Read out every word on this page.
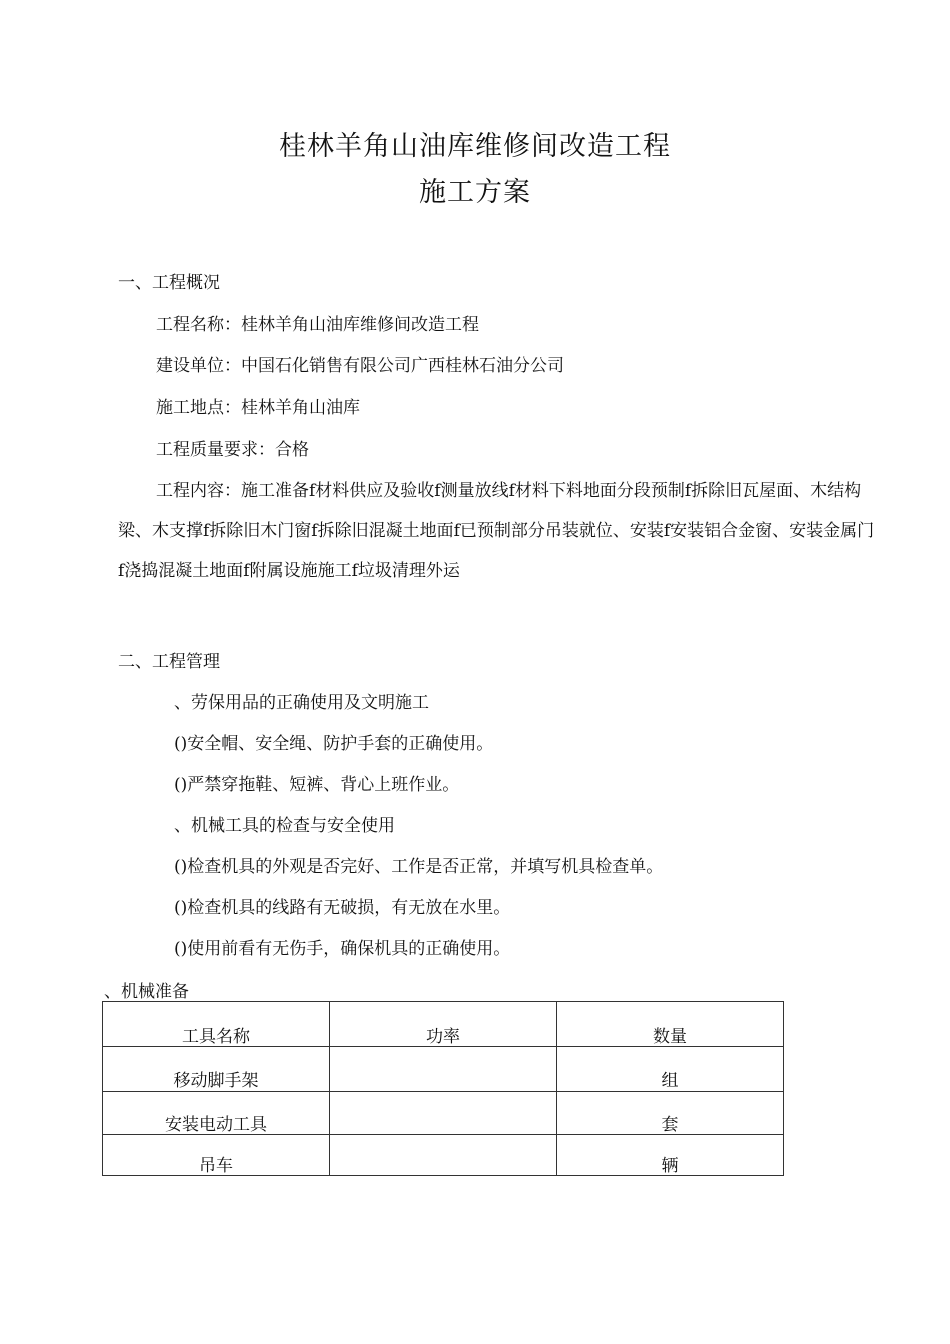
桂林羊角山油库维修间改造工程
施工方案
一、工程概况
工程名称：桂林羊角山油库维修间改造工程
建设单位：中国石化销售有限公司广西桂林石油分公司
施工地点：桂林羊角山油库
工程质量要求：合格
工程内容：施工准备f材料供应及验收f测量放线f材料下料地面分段预制f拆除旧瓦屋面、木结构梁、木支撑f拆除旧木门窗f拆除旧混凝土地面f已预制部分吊装就位、安装f安装铝合金窗、安装金属门f浇捣混凝土地面f附属设施施工f垃圾清理外运
二、工程管理
、劳保用品的正确使用及文明施工
()安全帽、安全绳、防护手套的正确使用。
()严禁穿拖鞋、短裤、背心上班作业。
、机械工具的检查与安全使用
()检查机具的外观是否完好、工作是否正常，并填写机具检查单。
()检查机具的线路有无破损，有无放在水里。
()使用前看有无伤手，确保机具的正确使用。
、机械准备
工具名称	功率	数量
移动脚手架		组
安装电动工具		套
吊车		辆
